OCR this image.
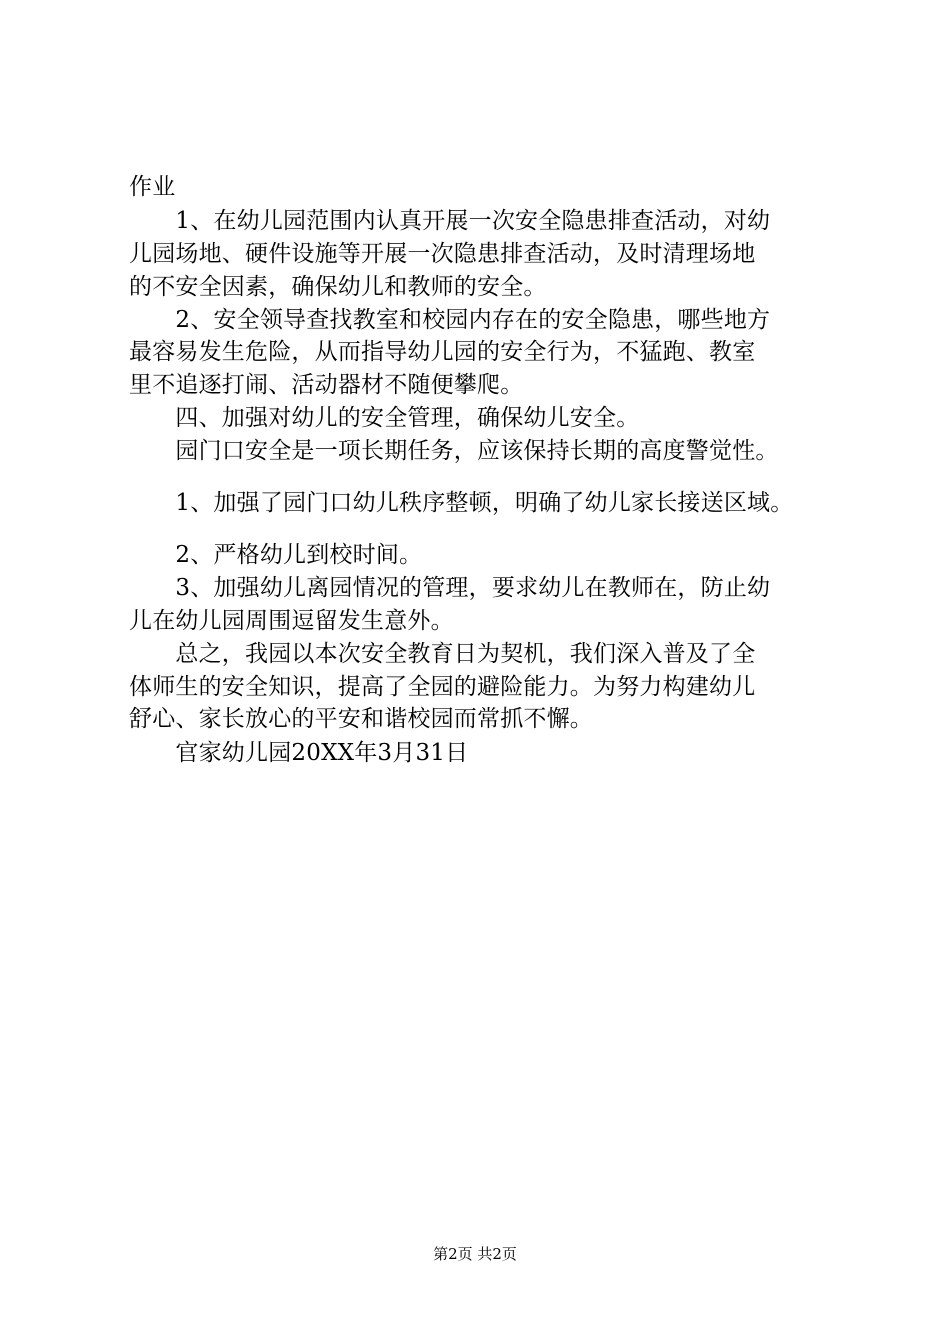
作业
　　1、在幼儿园范围内认真开展一次安全隐患排查活动，对幼
儿园场地、硬件设施等开展一次隐患排查活动，及时清理场地
的不安全因素，确保幼儿和教师的安全。
　　2、安全领导查找教室和校园内存在的安全隐患，哪些地方
最容易发生危险，从而指导幼儿园的安全行为，不猛跑、教室
里不追逐打闹、活动器材不随便攀爬。
　　四、加强对幼儿的安全管理，确保幼儿安全。
　　园门口安全是一项长期任务，应该保持长期的高度警觉性。
　　1、加强了园门口幼儿秩序整顿，明确了幼儿家长接送区域。
　　2、严格幼儿到校时间。
　　3、加强幼儿离园情况的管理，要求幼儿在教师在，防止幼
儿在幼儿园周围逗留发生意外。
　　总之，我园以本次安全教育日为契机，我们深入普及了全
体师生的安全知识，提高了全园的避险能力。为努力构建幼儿
舒心、家长放心的平安和谐校园而常抓不懈。
　　官家幼儿园20XX年3月31日
第2页 共2页
